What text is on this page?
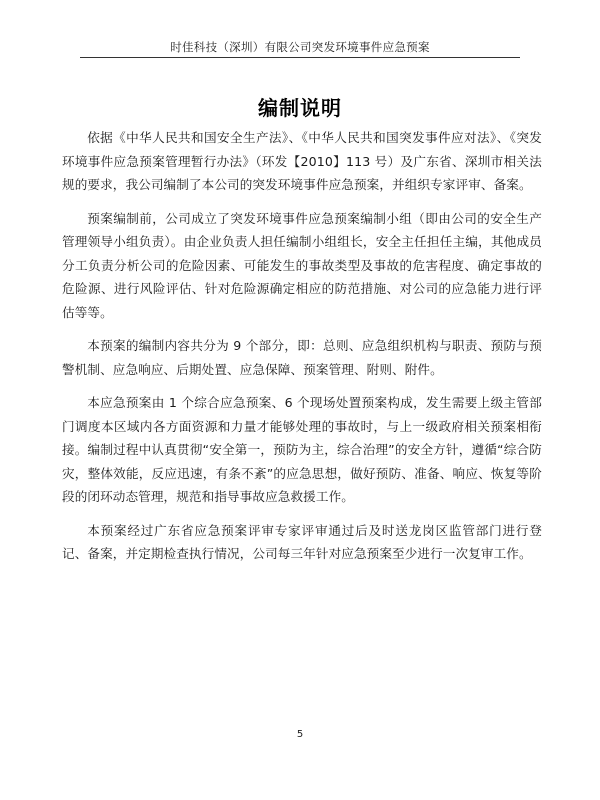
时佳科技（深圳）有限公司突发环境事件应急预案
编制说明

依据《中华人民共和国安全生产法》、《中华人民共和国突发事件应对法》、《突发环境事件应急预案管理暂行办法》（环发【2010】113 号）及广东省、深圳市相关法规的要求，我公司编制了本公司的突发环境事件应急预案，并组织专家评审、备案。

预案编制前，公司成立了突发环境事件应急预案编制小组（即由公司的安全生产管理领导小组负责）。由企业负责人担任编制小组组长，安全主任担任主编，其他成员分工负责分析公司的危险因素、可能发生的事故类型及事故的危害程度、确定事故的危险源、进行风险评估、针对危险源确定相应的防范措施、对公司的应急能力进行评估等等。

本预案的编制内容共分为 9 个部分，即：总则、应急组织机构与职责、预防与预警机制、应急响应、后期处置、应急保障、预案管理、附则、附件。

本应急预案由 1 个综合应急预案、6 个现场处置预案构成，发生需要上级主管部门调度本区域内各方面资源和力量才能够处理的事故时，与上一级政府相关预案相衔接。编制过程中认真贯彻“安全第一，预防为主，综合治理”的安全方针，遵循“综合防灾，整体效能，反应迅速，有条不紊”的应急思想，做好预防、准备、响应、恢复等阶段的闭环动态管理，规范和指导事故应急救援工作。

本预案经过广东省应急预案评审专家评审通过后及时送龙岗区监管部门进行登记、备案，并定期检查执行情况，公司每三年针对应急预案至少进行一次复审工作。

5
